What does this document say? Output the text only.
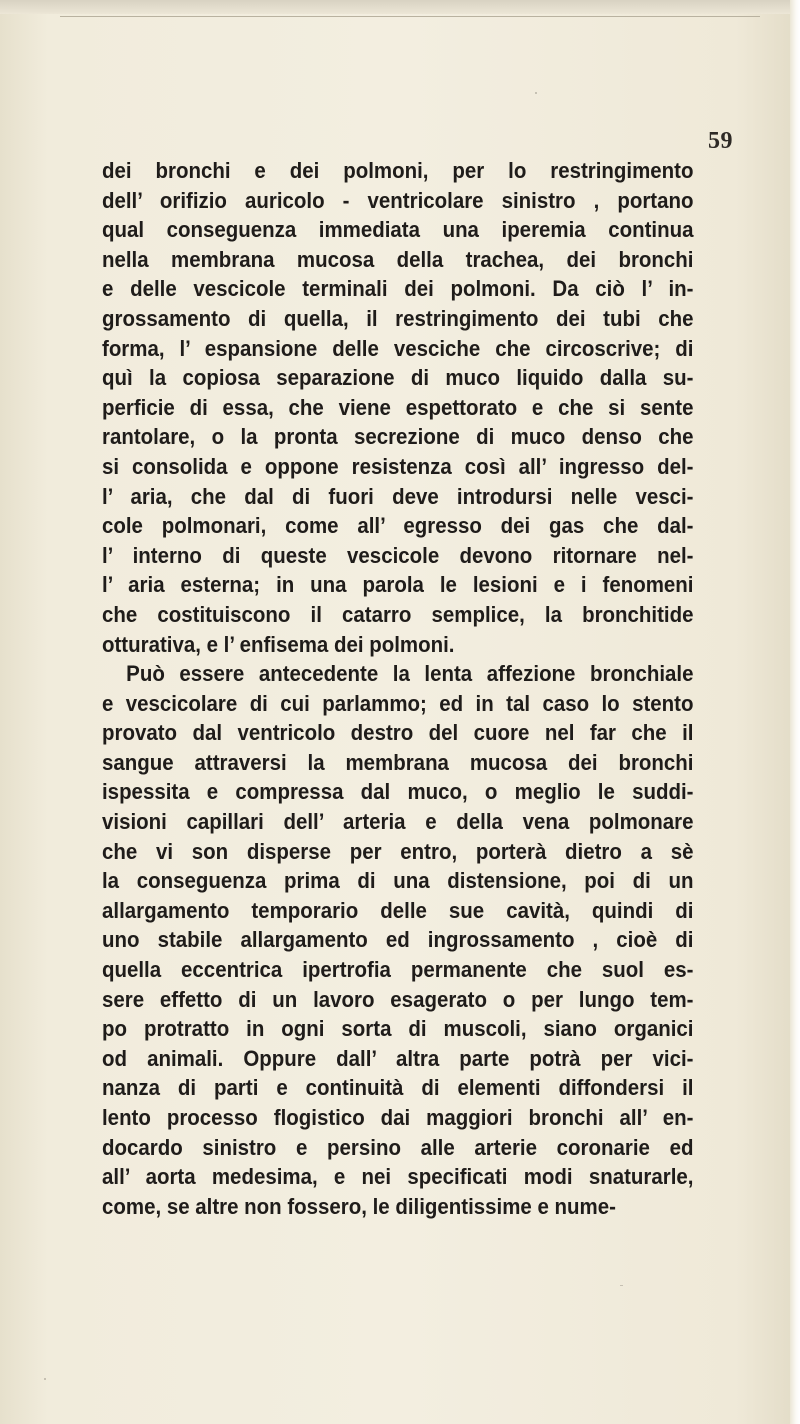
59
dei bronchi e dei polmoni, per lo restringimento
dell’ orifizio auricolo - ventricolare sinistro , portano
qual conseguenza immediata una iperemia continua
nella membrana mucosa della trachea, dei bronchi
e delle vescicole terminali dei polmoni. Da ciò l’ in-
grossamento di quella, il restringimento dei tubi che
forma, l’ espansione delle vesciche che circoscrive; di
quì la copiosa separazione di muco liquido dalla su-
perficie di essa, che viene espettorato e che si sente
rantolare, o la pronta secrezione di muco denso che
si consolida e oppone resistenza così all’ ingresso del-
l’ aria, che dal di fuori deve introdursi nelle vesci-
cole polmonari, come all’ egresso dei gas che dal-
l’ interno di queste vescicole devono ritornare nel-
l’ aria esterna; in una parola le lesioni e i fenomeni
che costituiscono il catarro semplice, la bronchitide
otturativa, e l’ enfisema dei polmoni.
Può essere antecedente la lenta affezione bronchiale
e vescicolare di cui parlammo; ed in tal caso lo stento
provato dal ventricolo destro del cuore nel far che il
sangue attraversi la membrana mucosa dei bronchi
ispessita e compressa dal muco, o meglio le suddi-
visioni capillari dell’ arteria e della vena polmonare
che vi son disperse per entro, porterà dietro a sè
la conseguenza prima di una distensione, poi di un
allargamento temporario delle sue cavità, quindi di
uno stabile allargamento ed ingrossamento , cioè di
quella eccentrica ipertrofia permanente che suol es-
sere effetto di un lavoro esagerato o per lungo tem-
po protratto in ogni sorta di muscoli, siano organici
od animali. Oppure dall’ altra parte potrà per vici-
nanza di parti e continuità di elementi diffondersi il
lento processo flogistico dai maggiori bronchi all’ en-
docardo sinistro e persino alle arterie coronarie ed
all’ aorta medesima, e nei specificati modi snaturarle,
come, se altre non fossero, le diligentissime e nume-
